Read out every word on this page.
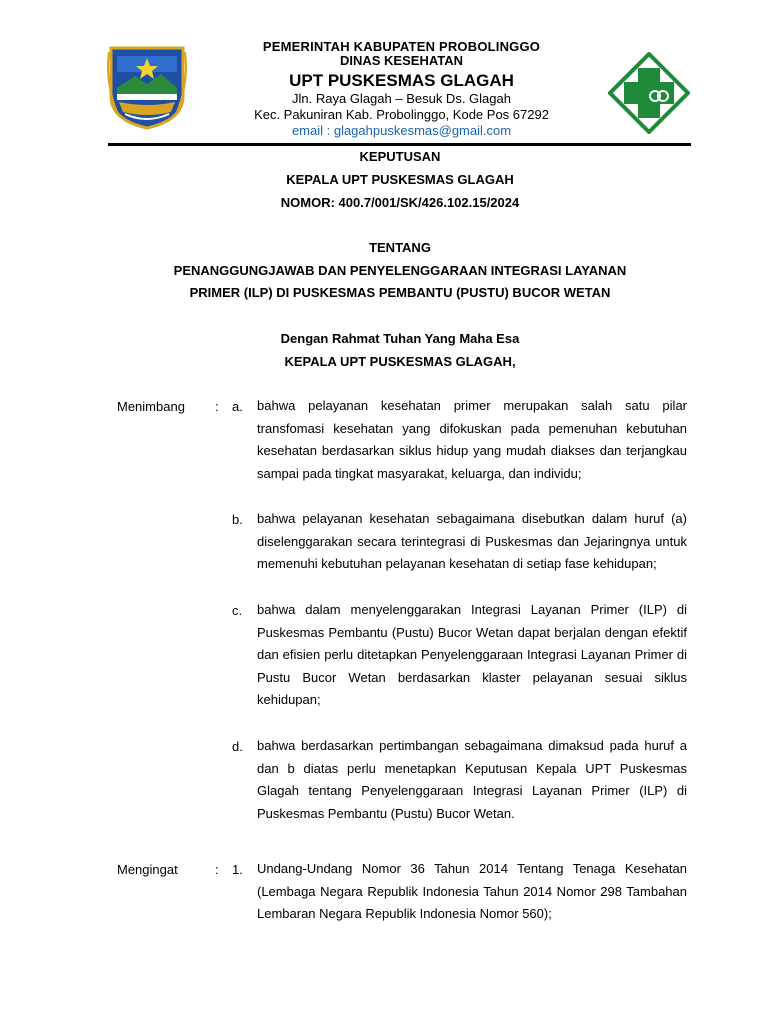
PEMERINTAH KABUPATEN PROBOLINGGO
DINAS KESEHATAN
UPT PUSKESMAS GLAGAH
Jln. Raya Glagah – Besuk Ds. Glagah
Kec. Pakuniran Kab. Probolinggo, Kode Pos 67292
email : glagahpuskesmas@gmail.com
KEPUTUSAN
KEPALA UPT PUSKESMAS GLAGAH
NOMOR: 400.7/001/SK/426.102.15/2024
TENTANG
PENANGGUNGJAWAB DAN PENYELENGGARAAN INTEGRASI LAYANAN
PRIMER (ILP) DI PUSKESMAS PEMBANTU (PUSTU) BUCOR WETAN
Dengan Rahmat Tuhan Yang Maha Esa
KEPALA UPT PUSKESMAS GLAGAH,
Menimbang : a. bahwa pelayanan kesehatan primer merupakan salah satu pilar transfomasi kesehatan yang difokuskan pada pemenuhan kebutuhan kesehatan berdasarkan siklus hidup yang mudah diakses dan terjangkau sampai pada tingkat masyarakat, keluarga, dan individu;
b. bahwa pelayanan kesehatan sebagaimana disebutkan dalam huruf (a) diselenggarakan secara terintegrasi di Puskesmas dan Jejaringnya untuk memenuhi kebutuhan pelayanan kesehatan di setiap fase kehidupan;
c. bahwa dalam menyelenggarakan Integrasi Layanan Primer (ILP) di Puskesmas Pembantu (Pustu) Bucor Wetan dapat berjalan dengan efektif dan efisien perlu ditetapkan Penyelenggaraan Integrasi Layanan Primer di Pustu Bucor Wetan berdasarkan klaster pelayanan sesuai siklus kehidupan;
d. bahwa berdasarkan pertimbangan sebagaimana dimaksud pada huruf a dan b diatas perlu menetapkan Keputusan Kepala UPT Puskesmas Glagah tentang Penyelenggaraan Integrasi Layanan Primer (ILP) di Puskesmas Pembantu (Pustu) Bucor Wetan.
Mengingat	: 1. Undang-Undang Nomor 36 Tahun 2014 Tentang Tenaga Kesehatan (Lembaga Negara Republik Indonesia Tahun 2014 Nomor 298 Tambahan Lembaran Negara Republik Indonesia Nomor 560);
